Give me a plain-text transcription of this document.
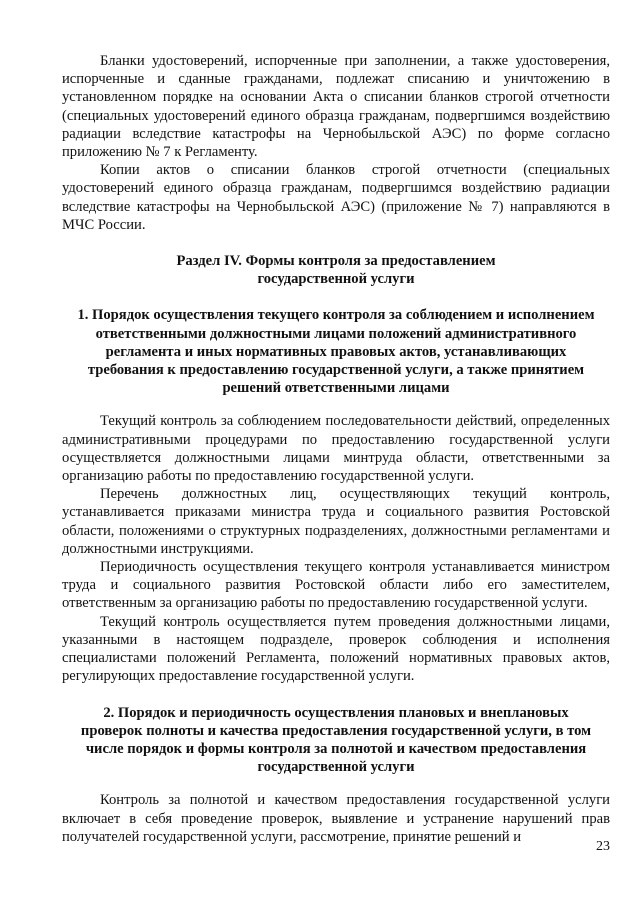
Бланки удостоверений, испорченные при заполнении, а также удостоверения, испорченные и сданные гражданами, подлежат списанию и уничтожению в установленном порядке на основании Акта о списании бланков строгой отчетности (специальных удостоверений единого образца гражданам, подвергшимся воздействию радиации вследствие катастрофы на Чернобыльской АЭС) по форме согласно приложению № 7 к Регламенту.

Копии актов о списании бланков строгой отчетности (специальных удостоверений единого образца гражданам, подвергшимся воздействию радиации вследствие катастрофы на Чернобыльской АЭС) (приложение № 7) направляются в МЧС России.

Раздел IV. Формы контроля за предоставлением
государственной услуги
1. Порядок осуществления текущего контроля за соблюдением и исполнением
ответственными должностными лицами положений административного
регламента и иных нормативных правовых актов, устанавливающих
требования к предоставлению государственной услуги, а также принятием
решений ответственными лицами

Текущий контроль за соблюдением последовательности действий, определенных административными процедурами по предоставлению государственной услуги осуществляется должностными лицами минтруда области, ответственными за организацию работы по предоставлению государственной услуги.

Перечень должностных лиц, осуществляющих текущий контроль, устанавливается приказами министра труда и социального развития Ростовской области, положениями о структурных подразделениях, должностными регламентами и должностными инструкциями.

Периодичность осуществления текущего контроля устанавливается министром труда и социального развития Ростовской области либо его заместителем, ответственным за организацию работы по предоставлению государственной услуги.

Текущий контроль осуществляется путем проведения должностными лицами, указанными в настоящем подразделе, проверок соблюдения и исполнения специалистами положений Регламента, положений нормативных правовых актов, регулирующих предоставление государственной услуги.

2. Порядок и периодичность осуществления плановых и внеплановых
проверок полноты и качества предоставления государственной услуги, в том
числе порядок и формы контроля за полнотой и качеством предоставления
государственной услуги

Контроль за полнотой и качеством предоставления государственной услуги включает в себя проведение проверок, выявление и устранение нарушений прав получателей государственной услуги, рассмотрение, принятие решений и

23
